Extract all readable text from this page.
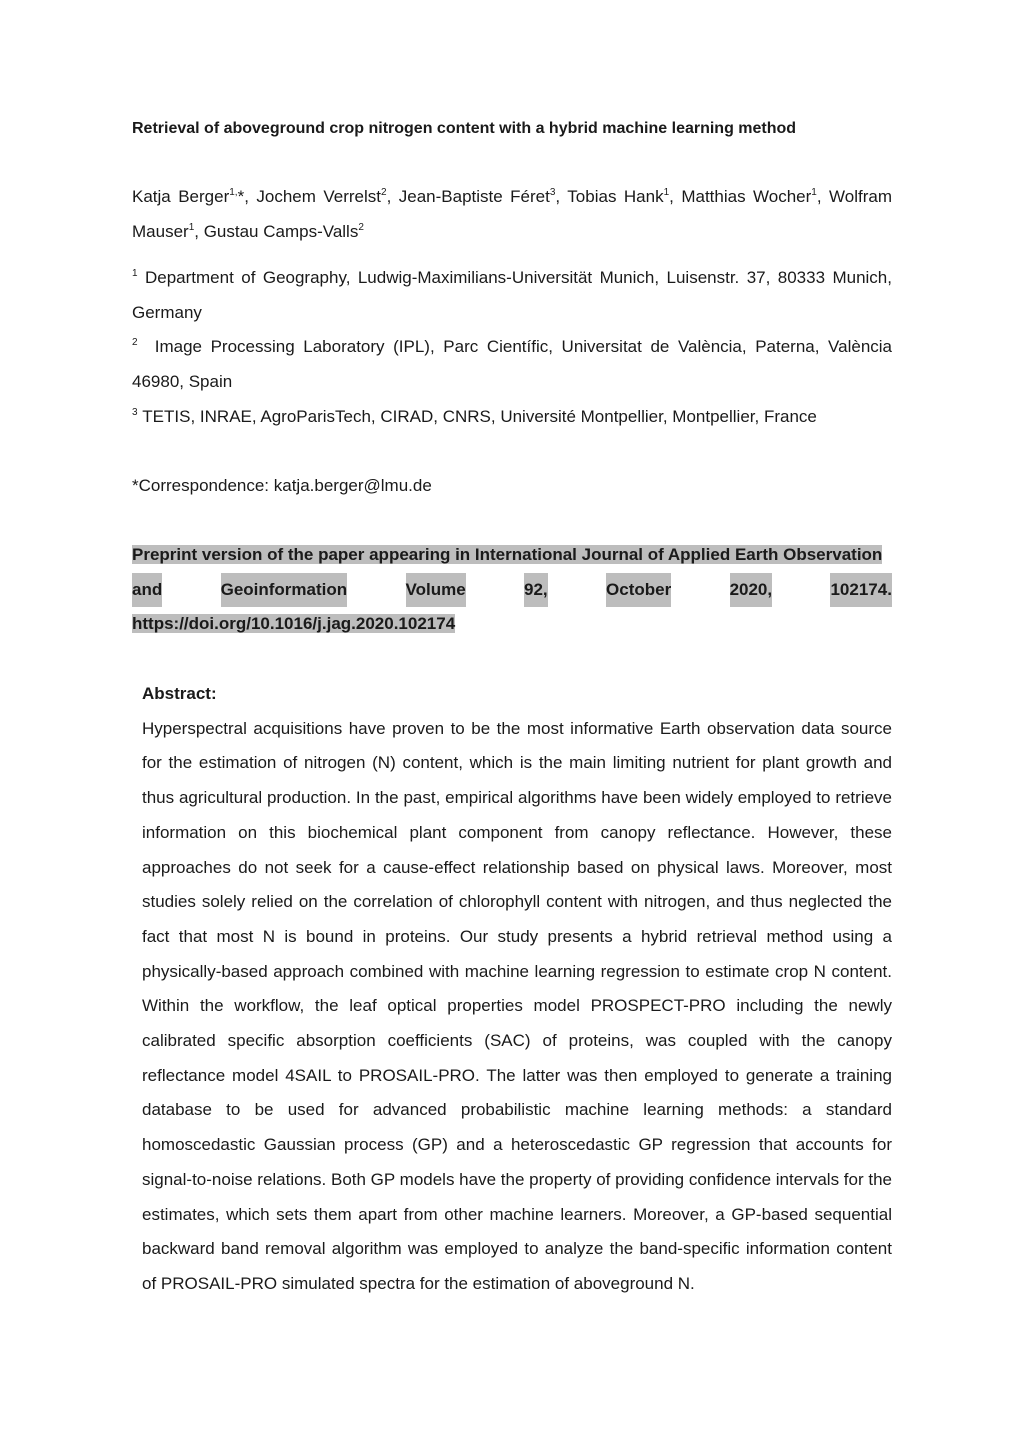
Retrieval of aboveground crop nitrogen content with a hybrid machine learning method

Katja Berger$^{1,}$*, Jochem Verrelst$^2$, Jean-Baptiste Féret$^3$, Tobias Hank$^1$, Matthias Wocher$^1$, Wolfram Mauser$^1$, Gustau Camps-Valls$^2$

$^1$ Department of Geography, Ludwig-Maximilians-Universität Munich, Luisenstr. 37, 80333 Munich, Germany

$^2$ Image Processing Laboratory (IPL), Parc Científic, Universitat de València, Paterna, València 46980, Spain

$^3$ TETIS, INRAE, AgroParisTech, CIRAD, CNRS, Université Montpellier, Montpellier, France

*Correspondence: katja.berger@lmu.de
Preprint version of the paper appearing in International Journal of Applied Earth Observation
and	Geoinformation	Volume	92,	October	2020,	102174.
https://doi.org/10.1016/j.jag.2020.102174

Abstract:

Hyperspectral acquisitions have proven to be the most informative Earth observation data source for the estimation of nitrogen (N) content, which is the main limiting nutrient for plant growth and thus agricultural production. In the past, empirical algorithms have been widely employed to retrieve information on this biochemical plant component from canopy reflectance. However, these approaches do not seek for a cause-effect relationship based on physical laws. Moreover, most studies solely relied on the correlation of chlorophyll content with nitrogen, and thus neglected the fact that most N is bound in proteins. Our study presents a hybrid retrieval method using a physically-based approach combined with machine learning regression to estimate crop N content. Within the workflow, the leaf optical properties model PROSPECT-PRO including the newly calibrated specific absorption coefficients (SAC) of proteins, was coupled with the canopy reflectance model 4SAIL to PROSAIL-PRO. The latter was then employed to generate a training database to be used for advanced probabilistic machine learning methods: a standard homoscedastic Gaussian process (GP) and a heteroscedastic GP regression that accounts for signal-to-noise relations. Both GP models have the property of providing confidence intervals for the estimates, which sets them apart from other machine learners. Moreover, a GP-based sequential backward band removal algorithm was employed to analyze the band-specific information content of PROSAIL-PRO simulated spectra for the estimation of aboveground N.
